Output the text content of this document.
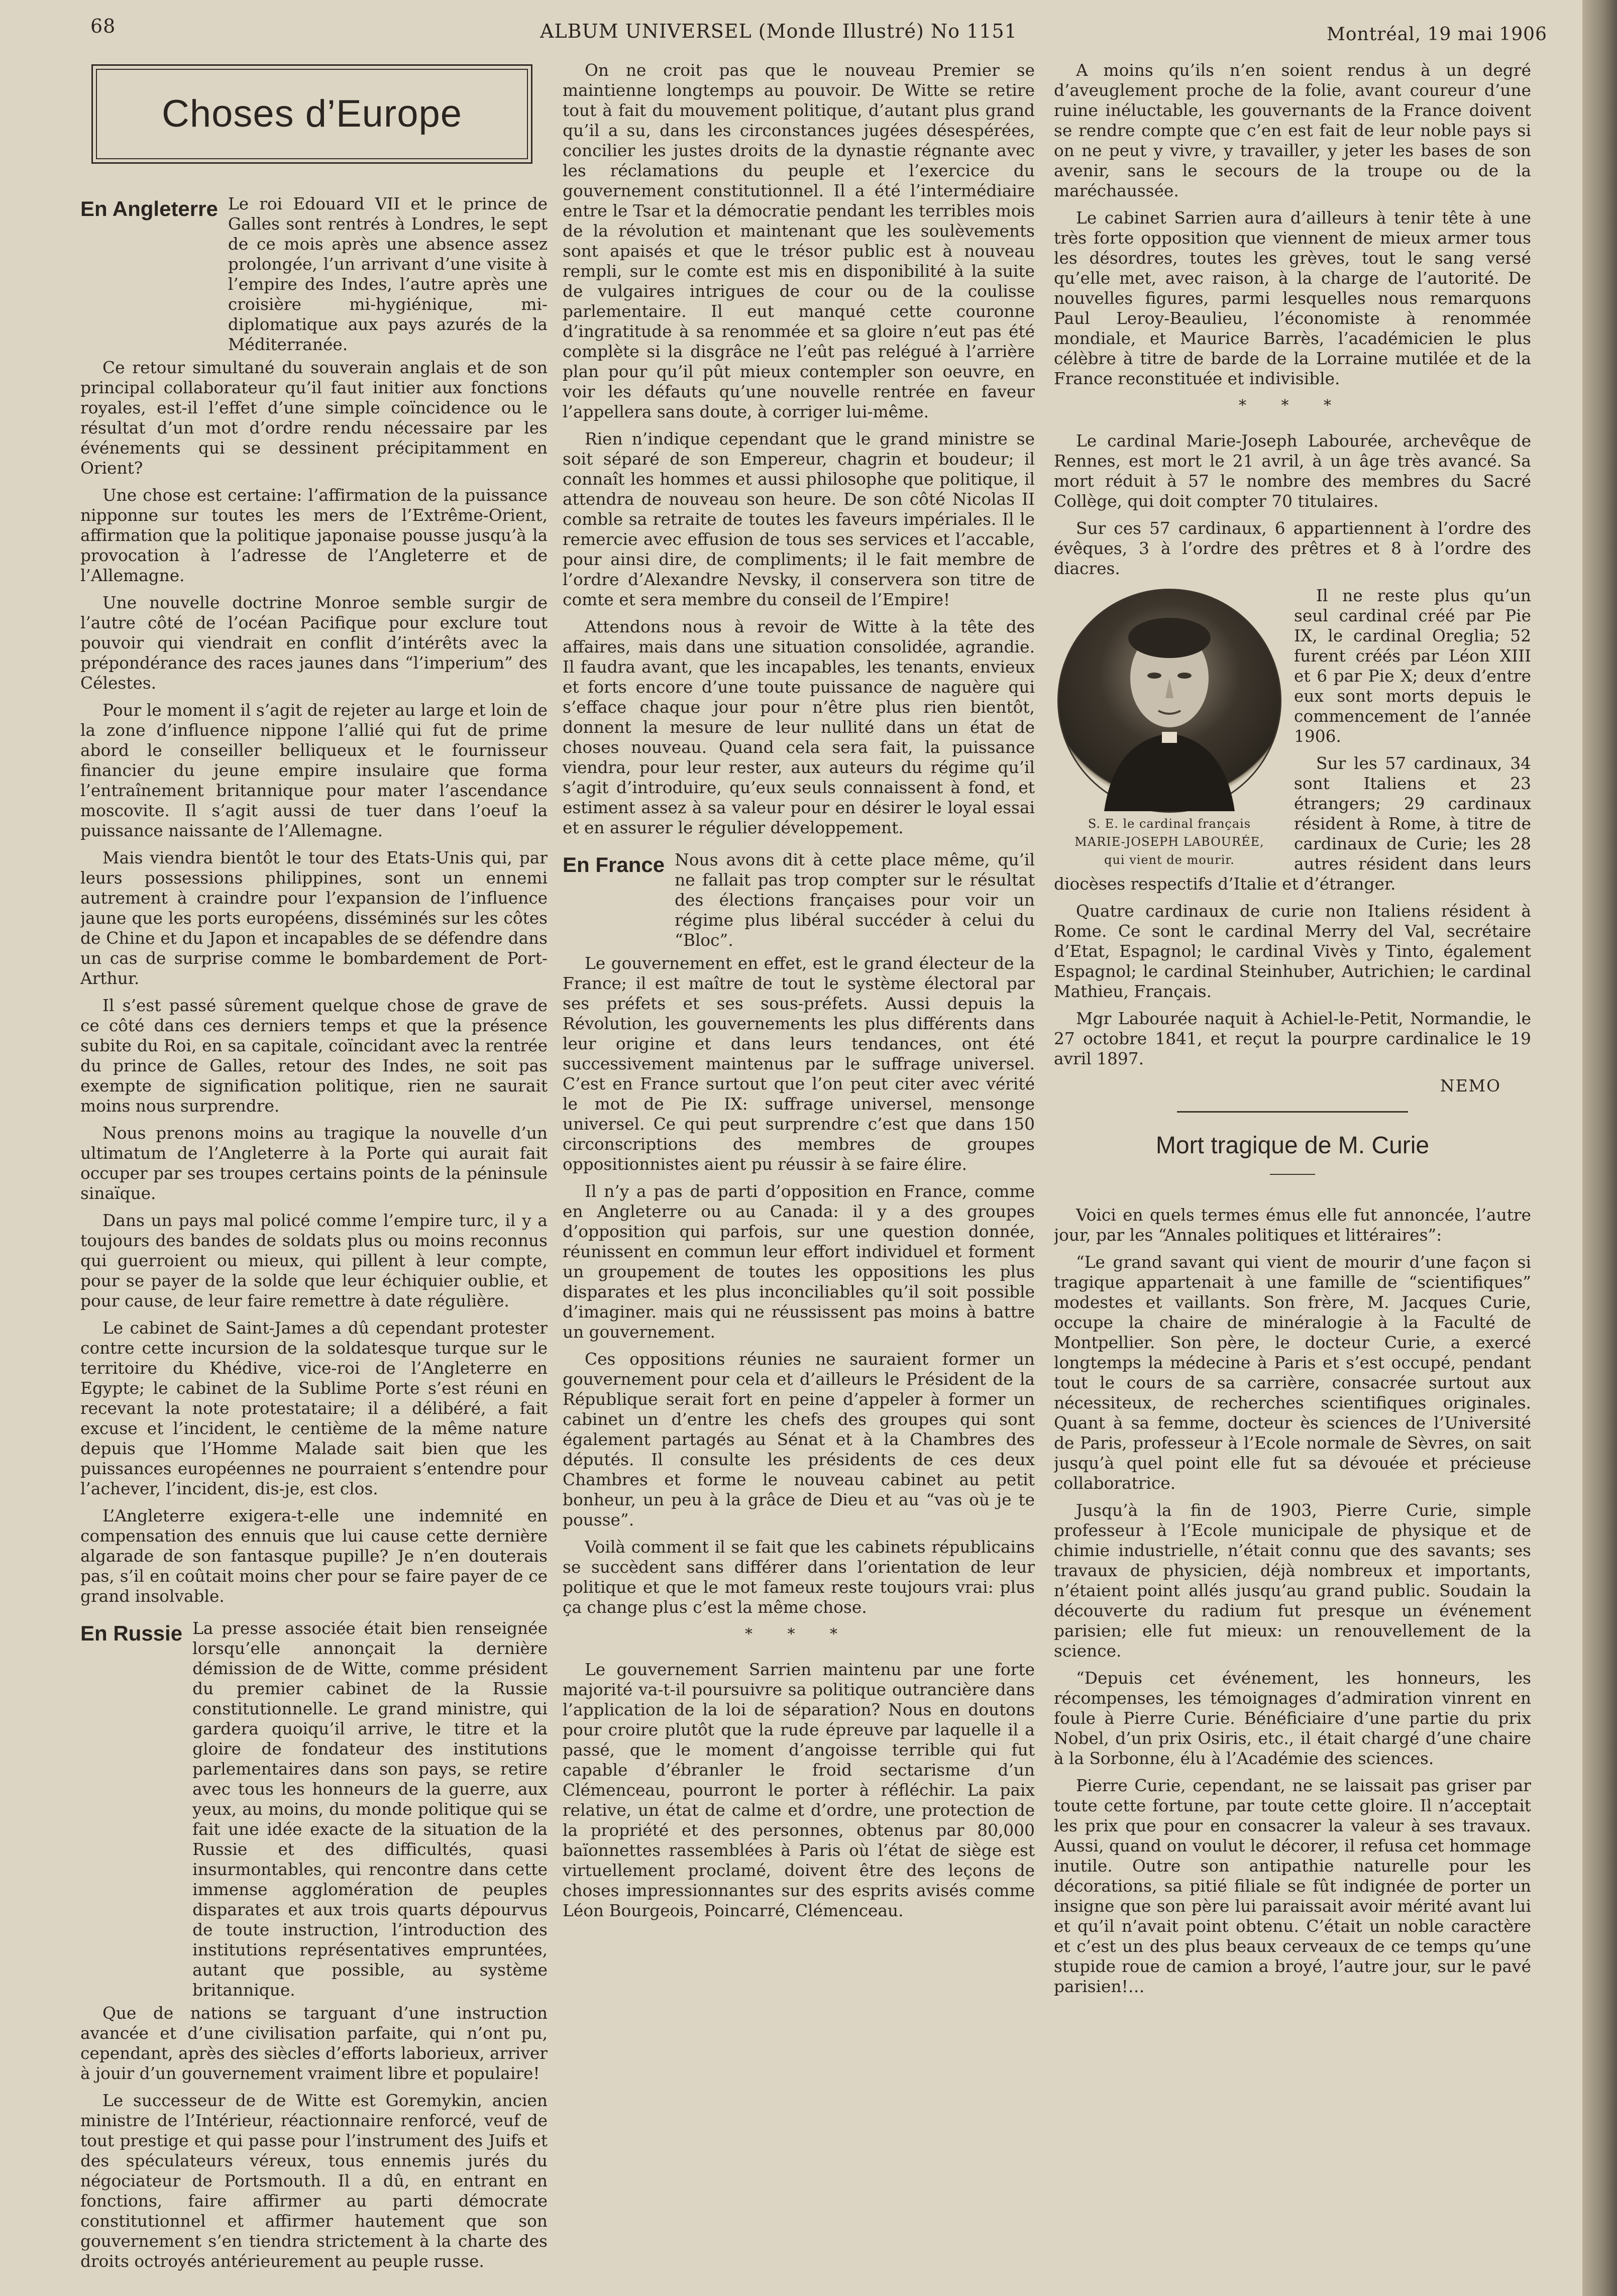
68	ALBUM UNIVERSEL (Monde Illustré) No 1151	Montréal, 19 mai 1906
Choses d’Europe
En Angleterre Le roi Edouard VII et le prince de Galles sont rentrés à Londres, le sept de ce mois après une absence assez prolongée, l’un arrivant d’une visite à l’empire des Indes, l’autre après une croisière mi-hygiénique, mi-diplomatique aux pays azurés de la Méditerranée.

Ce retour simultané du souverain anglais et de son principal collaborateur qu’il faut initier aux fonctions royales, est-il l’effet d’une simple coïncidence ou le résultat d’un mot d’ordre rendu nécessaire par les événements qui se dessinent précipitamment en Orient?

Une chose est certaine: l’affirmation de la puissance nipponne sur toutes les mers de l’Extrême-Orient, affirmation que la politique japonaise pousse jusqu’à la provocation à l’adresse de l’Angleterre et de l’Allemagne.

Une nouvelle doctrine Monroe semble surgir de l’autre côté de l’océan Pacifique pour exclure tout pouvoir qui viendrait en conflit d’intérêts avec la prépondérance des races jaunes dans “l’imperium” des Célestes.

Pour le moment il s’agit de rejeter au large et loin de la zone d’influence nippone l’allié qui fut de prime abord le conseiller belliqueux et le fournisseur financier du jeune empire insulaire que forma l’entraînement britannique pour mater l’ascendance moscovite. Il s’agit aussi de tuer dans l’oeuf la puissance naissante de l’Allemagne.

Mais viendra bientôt le tour des Etats-Unis qui, par leurs possessions philippines, sont un ennemi autrement à craindre pour l’expansion de l’influence jaune que les ports européens, disséminés sur les côtes de Chine et du Japon et incapables de se défendre dans un cas de surprise comme le bombardement de Port-Arthur.

Il s’est passé sûrement quelque chose de grave de ce côté dans ces derniers temps et que la présence subite du Roi, en sa capitale, coïncidant avec la rentrée du prince de Galles, retour des Indes, ne soit pas exempte de signification politique, rien ne saurait moins nous surprendre.

Nous prenons moins au tragique la nouvelle d’un ultimatum de l’Angleterre à la Porte qui aurait fait occuper par ses troupes certains points de la péninsule sinaïque.

Dans un pays mal policé comme l’empire turc, il y a toujours des bandes de soldats plus ou moins reconnus qui guerroient ou mieux, qui pillent à leur compte, pour se payer de la solde que leur échiquier oublie, et pour cause, de leur faire remettre à date régulière.

Le cabinet de Saint-James a dû cependant protester contre cette incursion de la soldatesque turque sur le territoire du Khédive, vice-roi de l’Angleterre en Egypte; le cabinet de la Sublime Porte s’est réuni en recevant la note protestataire; il a délibéré, a fait excuse et l’incident, le centième de la même nature depuis que l’Homme Malade sait bien que les puissances européennes ne pourraient s’entendre pour l’achever, l’incident, dis-je, est clos.

L’Angleterre exigera-t-elle une indemnité en compensation des ennuis que lui cause cette dernière algarade de son fantasque pupille? Je n’en douterais pas, s’il en coûtait moins cher pour se faire payer de ce grand insolvable.

En Russie La presse associée était bien renseignée lorsqu’elle annonçait la dernière démission de de Witte, comme président du premier cabinet de la Russie constitutionnelle. Le grand ministre, qui gardera quoiqu’il arrive, le titre et la gloire de fondateur des institutions parlementaires dans son pays, se retire avec tous les honneurs de la guerre, aux yeux, au moins, du monde politique qui se fait une idée exacte de la situation de la Russie et des difficultés, quasi insurmontables, qui rencontre dans cette immense agglomération de peuples disparates et aux trois quarts dépourvus de toute instruction, l’introduction des institutions représentatives empruntées, autant que possible, au système britannique.

Que de nations se targuant d’une instruction avancée et d’une civilisation parfaite, qui n’ont pu, cependant, après des siècles d’efforts laborieux, arriver à jouir d’un gouvernement vraiment libre et populaire!

Le successeur de de Witte est Goremykin, ancien ministre de l’Intérieur, réactionnaire renforcé, veuf de tout prestige et qui passe pour l’instrument des Juifs et des spéculateurs véreux, tous ennemis jurés du négociateur de Portsmouth. Il a dû, en entrant en fonctions, faire affirmer au parti démocrate constitutionnel et affirmer hautement que son gouvernement s’en tiendra strictement à la charte des droits octroyés antérieurement au peuple russe.

On ne croit pas que le nouveau Premier se maintienne longtemps au pouvoir. De Witte se retire tout à fait du mouvement politique, d’autant plus grand qu’il a su, dans les circonstances jugées désespérées, concilier les justes droits de la dynastie régnante avec les réclamations du peuple et l’exercice du gouvernement constitutionnel. Il a été l’intermédiaire entre le Tsar et la démocratie pendant les terribles mois de la révolution et maintenant que les soulèvements sont apaisés et que le trésor public est à nouveau rempli, sur le comte est mis en disponibilité à la suite de vulgaires intrigues de cour ou de la coulisse parlementaire. Il eut manqué cette couronne d’ingratitude à sa renommée et sa gloire n’eut pas été complète si la disgrâce ne l’eût pas relégué à l’arrière plan pour qu’il pût mieux contempler son oeuvre, en voir les défauts qu’une nouvelle rentrée en faveur l’appellera sans doute, à corriger lui-même.

Rien n’indique cependant que le grand ministre se soit séparé de son Empereur, chagrin et boudeur; il connaît les hommes et aussi philosophe que politique, il attendra de nouveau son heure. De son côté Nicolas II comble sa retraite de toutes les faveurs impériales. Il le remercie avec effusion de tous ses services et l’accable, pour ainsi dire, de compliments; il le fait membre de l’ordre d’Alexandre Nevsky, il conservera son titre de comte et sera membre du conseil de l’Empire!

Attendons nous à revoir de Witte à la tête des affaires, mais dans une situation consolidée, agrandie. Il faudra avant, que les incapables, les tenants, envieux et forts encore d’une toute puissance de naguère qui s’efface chaque jour pour n’être plus rien bientôt, donnent la mesure de leur nullité dans un état de choses nouveau. Quand cela sera fait, la puissance viendra, pour leur rester, aux auteurs du régime qu’il s’agit d’introduire, qu’eux seuls connaissent à fond, et estiment assez à sa valeur pour en désirer le loyal essai et en assurer le régulier développement.

En France Nous avons dit à cette place même, qu’il ne fallait pas trop compter sur le résultat des élections françaises pour voir un régime plus libéral succéder à celui du “Bloc”.

Le gouvernement en effet, est le grand électeur de la France; il est maître de tout le système électoral par ses préfets et ses sous-préfets. Aussi depuis la Révolution, les gouvernements les plus différents dans leur origine et dans leurs tendances, ont été successivement maintenus par le suffrage universel. C’est en France surtout que l’on peut citer avec vérité le mot de Pie IX: suffrage universel, mensonge universel. Ce qui peut surprendre c’est que dans 150 circonscriptions des membres de groupes oppositionnistes aient pu réussir à se faire élire.

Il n’y a pas de parti d’opposition en France, comme en Angleterre ou au Canada: il y a des groupes d’opposition qui parfois, sur une question donnée, réunissent en commun leur effort individuel et forment un groupement de toutes les oppositions les plus disparates et les plus inconciliables qu’il soit possible d’imaginer. mais qui ne réussissent pas moins à battre un gouvernement.

Ces oppositions réunies ne sauraient former un gouvernement pour cela et d’ailleurs le Président de la République serait fort en peine d’appeler à former un cabinet un d’entre les chefs des groupes qui sont également partagés au Sénat et à la Chambres des députés. Il consulte les présidents de ces deux Chambres et forme le nouveau cabinet au petit bonheur, un peu à la grâce de Dieu et au “vas où je te pousse”.

Voilà comment il se fait que les cabinets républicains se succèdent sans différer dans l’orientation de leur politique et que le mot fameux reste toujours vrai: plus ça change plus c’est la même chose.

* * *

Le gouvernement Sarrien maintenu par une forte majorité va-t-il poursuivre sa politique outrancière dans l’application de la loi de séparation? Nous en doutons pour croire plutôt que la rude épreuve par laquelle il a passé, que le moment d’angoisse terrible qui fut capable d’ébranler le froid sectarisme d’un Clémenceau, pourront le porter à réfléchir. La paix relative, un état de calme et d’ordre, une protection de la propriété et des personnes, obtenus par 80,000 baïonnettes rassemblées à Paris où l’état de siège est virtuellement proclamé, doivent être des leçons de choses impressionnantes sur des esprits avisés comme Léon Bourgeois, Poincarré, Clémenceau.

A moins qu’ils n’en soient rendus à un degré d’aveuglement proche de la folie, avant coureur d’une ruine inéluctable, les gouvernants de la France doivent se rendre compte que c’en est fait de leur noble pays si on ne peut y vivre, y travailler, y jeter les bases de son avenir, sans le secours de la troupe ou de la maréchaussée.

Le cabinet Sarrien aura d’ailleurs à tenir tête à une très forte opposition que viennent de mieux armer tous les désordres, toutes les grèves, tout le sang versé qu’elle met, avec raison, à la charge de l’autorité. De nouvelles figures, parmi lesquelles nous remarquons Paul Leroy-Beaulieu, l’économiste à renommée mondiale, et Maurice Barrès, l’académicien le plus célèbre à titre de barde de la Lorraine mutilée et de la France reconstituée et indivisible.

* * *

Le cardinal Marie-Joseph Labourée, archevêque de Rennes, est mort le 21 avril, à un âge très avancé. Sa mort réduit à 57 le nombre des membres du Sacré Collège, qui doit compter 70 titulaires.

Sur ces 57 cardinaux, 6 appartiennent à l’ordre des évêques, 3 à l’ordre des prêtres et 8 à l’ordre des diacres.

S. E. le cardinal français
MARIE-JOSEPH LABOURÉE,
qui vient de mourir.

Il ne reste plus qu’un seul cardinal créé par Pie IX, le cardinal Oreglia; 52 furent créés par Léon XIII et 6 par Pie X; deux d’entre eux sont morts depuis le commencement de l’année 1906.

Sur les 57 cardinaux, 34 sont Italiens et 23 étrangers; 29 cardinaux résident à Rome, à titre de cardinaux de Curie; les 28 autres résident dans leurs diocèses respectifs d’Italie et d’étranger.

Quatre cardinaux de curie non Italiens résident à Rome. Ce sont le cardinal Merry del Val, secrétaire d’Etat, Espagnol; le cardinal Vivès y Tinto, également Espagnol; le cardinal Steinhuber, Autrichien; le cardinal Mathieu, Français.

Mgr Labourée naquit à Achiel-le-Petit, Normandie, le 27 octobre 1841, et reçut la pourpre cardinalice le 19 avril 1897.

NEMO
Mort tragique de M. Curie

Voici en quels termes émus elle fut annoncée, l’autre jour, par les “Annales politiques et littéraires”:

“Le grand savant qui vient de mourir d’une façon si tragique appartenait à une famille de “scientifiques” modestes et vaillants. Son frère, M. Jacques Curie, occupe la chaire de minéralogie à la Faculté de Montpellier. Son père, le docteur Curie, a exercé longtemps la médecine à Paris et s’est occupé, pendant tout le cours de sa carrière, consacrée surtout aux nécessiteux, de recherches scientifiques originales. Quant à sa femme, docteur ès sciences de l’Université de Paris, professeur à l’Ecole normale de Sèvres, on sait jusqu’à quel point elle fut sa dévouée et précieuse collaboratrice.

Jusqu’à la fin de 1903, Pierre Curie, simple professeur à l’Ecole municipale de physique et de chimie industrielle, n’était connu que des savants; ses travaux de physicien, déjà nombreux et importants, n’étaient point allés jusqu’au grand public. Soudain la découverte du radium fut presque un événement parisien; elle fut mieux: un renouvellement de la science.

“Depuis cet événement, les honneurs, les récompenses, les témoignages d’admiration vinrent en foule à Pierre Curie. Bénéficiaire d’une partie du prix Nobel, d’un prix Osiris, etc., il était chargé d’une chaire à la Sorbonne, élu à l’Académie des sciences.

Pierre Curie, cependant, ne se laissait pas griser par toute cette fortune, par toute cette gloire. Il n’acceptait les prix que pour en consacrer la valeur à ses travaux. Aussi, quand on voulut le décorer, il refusa cet hommage inutile. Outre son antipathie naturelle pour les décorations, sa pitié filiale se fût indignée de porter un insigne que son père lui paraissait avoir mérité avant lui et qu’il n’avait point obtenu. C’était un noble caractère et c’est un des plus beaux cerveaux de ce temps qu’une stupide roue de camion a broyé, l’autre jour, sur le pavé parisien!…
